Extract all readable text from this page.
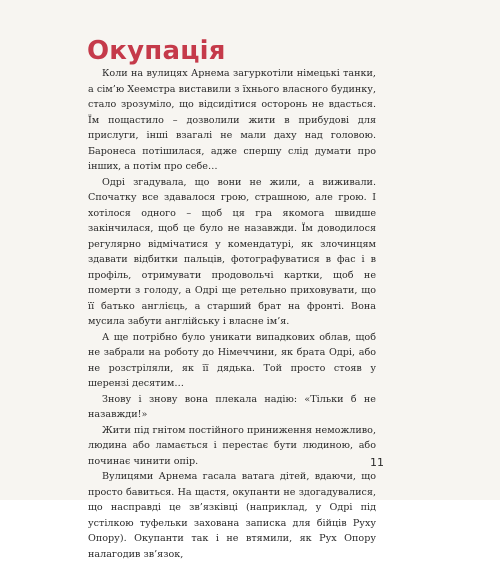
Окупація

Коли на вулицях Арнема загуркотіли німецькі танки, а сім’ю Хеемстра виставили з їхнього власного будинку, стало зрозуміло, що відсидітися осторонь не вдасться. Їм пощастило – дозволили жити в прибудові для прислуги, інші взагалі не мали даху над головою. Баронеса потішилася, адже спершу слід думати про інших, а потім про себе…

Одрі згадувала, що вони не жили, а виживали. Спочатку все здавалося грою, страшною, але грою. І хотілося одного – щоб ця гра якомога швидше закінчилася, щоб це було не назавжди. Їм доводилося регулярно відмічатися у комендатурі, як злочинцям здавати відбитки пальців, фотографуватися в фас і в профіль, отримувати продовольчі картки, щоб не померти з голоду, а Одрі ще ретельно приховувати, що її батько англієць, а старший брат на фронті. Вона мусила забути англійську і власне ім’я.

А ще потрібно було уникати випадкових облав, щоб не забрали на роботу до Німеччини, як брата Одрі, або не розстріляли, як її дядька. Той просто стояв у шерензі десятим…

Знову і знову вона плекала надію: «Тільки б не назавжди!»

Жити під гнітом постійного приниження неможливо, людина або ламається і перестає бути людиною, або починає чинити опір.

Вулицями Арнема гасала ватага дітей, вдаючи, що просто бавиться. На щастя, окупанти не здогадувалися, що насправді це зв’язківці (наприклад, у Одрі під устілкою туфельки захована записка для бійців Руху Опору). Окупанти так і не втямили, як Рух Опору налагодив зв’язок,

11
